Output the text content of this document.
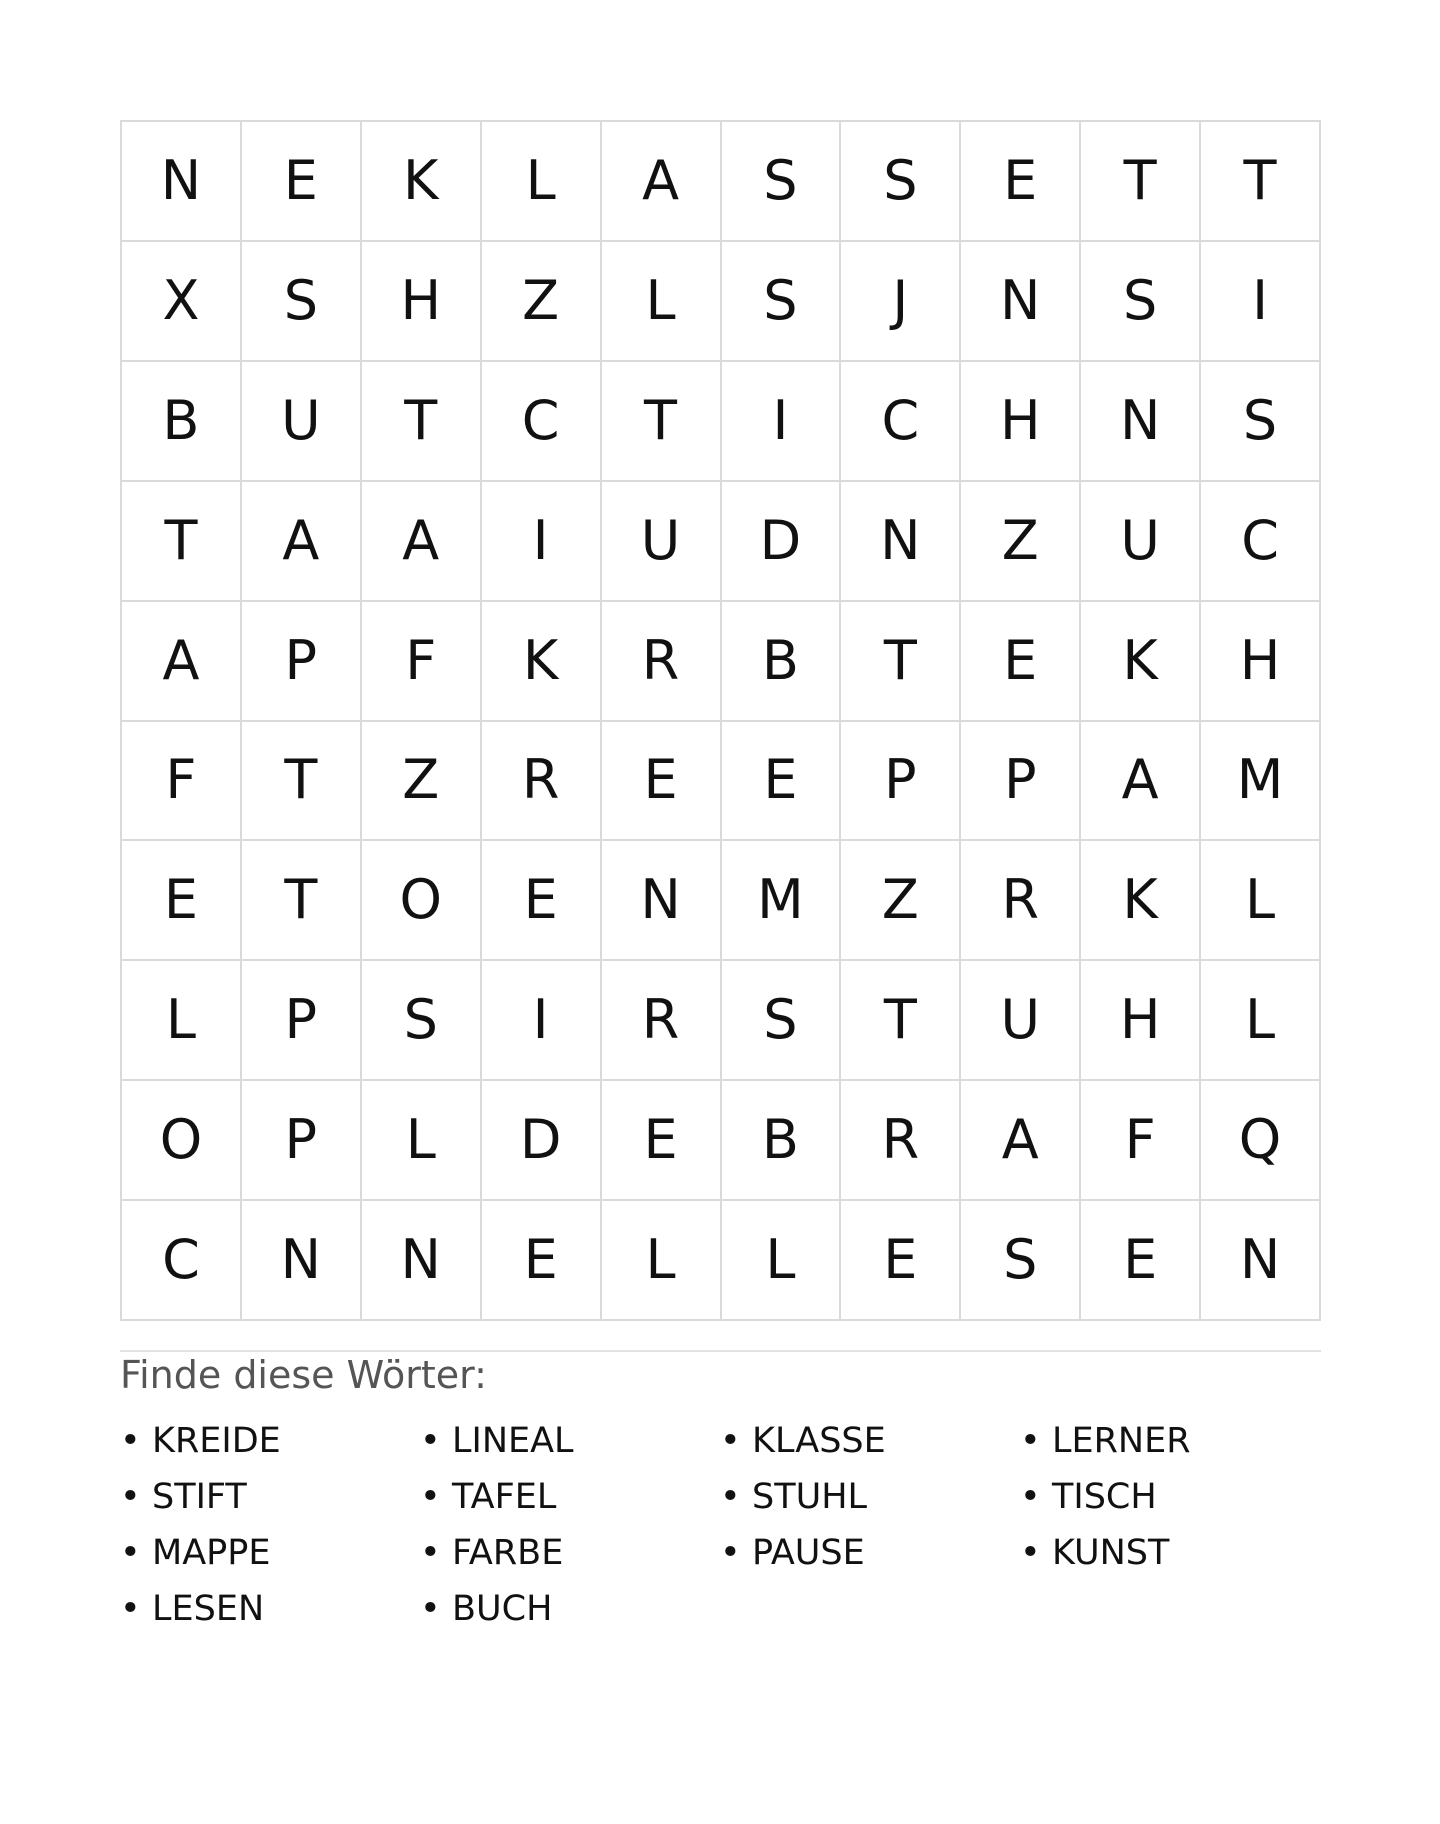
N	E	K	L	A	S	S	E	T	T
X	S	H	Z	L	S	J	N	S	I
B	U	T	C	T	I	C	H	N	S
T	A	A	I	U	D	N	Z	U	C
A	P	F	K	R	B	T	E	K	H
F	T	Z	R	E	E	P	P	A	M
E	T	O	E	N	M	Z	R	K	L
L	P	S	I	R	S	T	U	H	L
O	P	L	D	E	B	R	A	F	Q
C	N	N	E	L	L	E	S	E	N
Finde diese Wörter:
• KREIDE	• LINEAL	• KLASSE	• LERNER
• STIFT	• TAFEL	• STUHL	• TISCH
• MAPPE	• FARBE	• PAUSE	• KUNST
• LESEN	• BUCH
